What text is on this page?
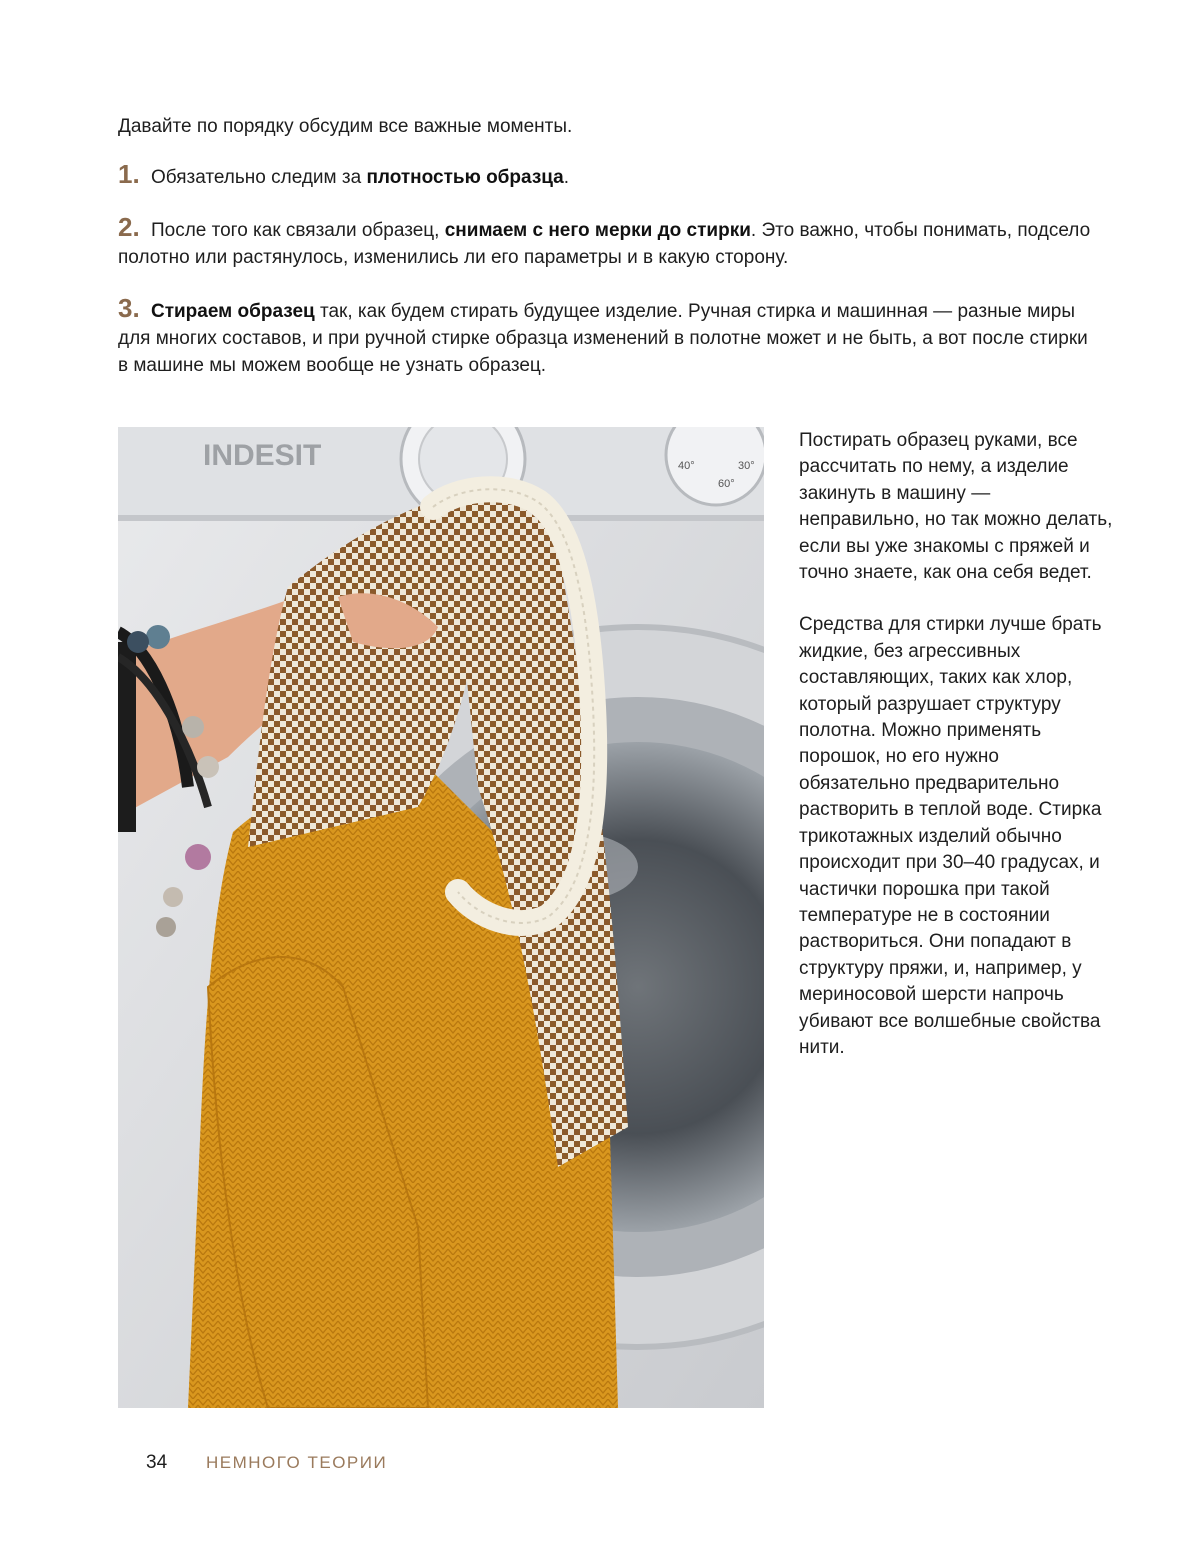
Давайте по порядку обсудим все важные моменты.

1. Обязательно следим за плотностью образца.

2. После того как связали образец, снимаем с него мерки до стирки. Это важно, чтобы понимать, подсело полотно или растянулось, изменились ли его параметры и в какую сторону.

3. Стираем образец так, как будем стирать будущее изделие. Ручная стирка и машинная — разные миры для многих составов, и при ручной стирке образца изменений в полотне может и не быть, а вот после стирки в машине мы можем вообще не узнать образец.

INDESIT
8
40°
60°
30°

Постирать образец руками, все рассчитать по нему, а изделие закинуть в машину — неправильно, но так можно делать, если вы уже знакомы с пряжей и точно знаете, как она себя ведет.

Средства для стирки лучше брать жидкие, без агрессивных составляющих, таких как хлор, который разрушает структуру полотна. Можно применять порошок, но его нужно обязательно предварительно растворить в теплой воде. Стирка трикотажных изделий обычно происходит при 30–40 градусах, и частички порошка при такой температуре не в состоянии раствориться. Они попадают в структуру пряжи, и, например, у мериносовой шерсти напрочь убивают все волшебные свойства нити.

34 НЕМНОГО ТЕОРИИ
